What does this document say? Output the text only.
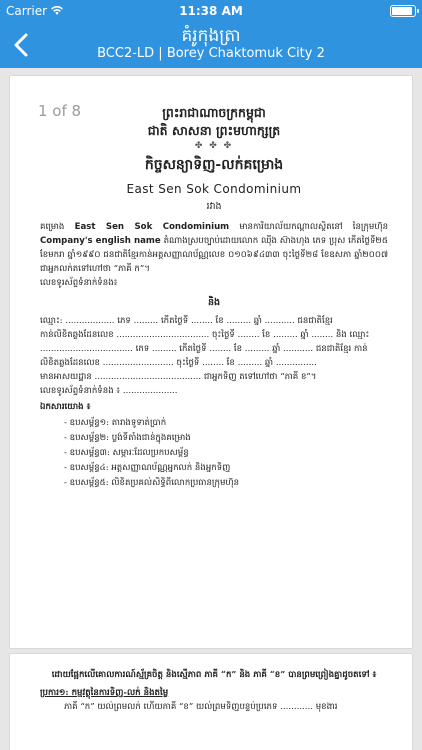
Carrier	11:38 AM
គំរូកុងត្រា
BCC2-LD | Borey Chaktomuk City 2
1 of 8	ព្រះរាជាណាចក្រកម្ពុជា
ជាតិ សាសនា ព្រះមហាក្សត្រ
✤ ✤ ✤
កិច្ចសន្យាទិញ-លក់គម្រោង
East Sen Sok Condominium
រវាង

គម្រោង East Sen Sok Condominium មានការិយាល័យកណ្ដាលស្ថិតនៅ នៃក្រុមហ៊ុន Company's english name តំណាងស្របច្បាប់ដោយលោក ឈ៉ីង ស៊ាងហុង ភេទ ប្រុស កើតថ្ងៃទី២៥ ខែមករា ឆ្នាំ១៩៩០ ជនជាតិខ្មែរកាន់អត្តសញ្ញាណប័ណ្ណលេខ ០១០៦៩៤៣៣ ចុះថ្ងៃទី២៨ ខែឧសភា ឆ្នាំ២០០៧ ជាអ្នកលក់តទៅហៅថា “ភាគី ក”។

លេខទូរស័ព្ទទំនាក់ទំនង៖
និង
ឈ្មោះ: .................. ភេទ ......... កើតថ្ងៃទី ........ ខែ ......... ឆ្នាំ ........... ជនជាតិខ្មែរ
កាន់លិខិតឆ្លងដែនលេខ .................................. ចុះថ្ងៃទី ........ ខែ ......... ឆ្នាំ ........ និង ឈ្មោះ
.................................. ភេទ ......... កើតថ្ងៃទី ........ ខែ ......... ឆ្នាំ ........... ជនជាតិខ្មែរ កាន់
លិខិតឆ្លងដែនលេខ .......................... ចុះថ្ងៃទី ........ ខែ ......... ឆ្នាំ ...............
មានអាសយដ្ឋាន ....................................... ជាអ្នកទិញ តទៅហៅថា “ភាគី ខ”។
លេខទូរស័ព្ទទំនាក់ទំនង ៖ ....................
ឯកសារយោង ៖
- ឧបសម្ព័ន្ធ១: តារាងទូទាត់ប្រាក់
- ឧបសម្ព័ន្ធ២: ប្លង់ទីតាំងជាន់ក្នុងគម្រោង
- ឧបសម្ព័ន្ធ៣: សម្ភារៈដែលប្រកបសម្ព័ន្ធ
- ឧបសម្ព័ន្ធ៤: អត្តសញ្ញាណប័ណ្ណអ្នកលក់ និងអ្នកទិញ
- ឧបសម្ព័ន្ធ៥: លិខិតប្រគល់សិទ្ធិពីលោកប្រធានក្រុមហ៊ុន
ដោយផ្អែកលើគោលការណ៍ស្ម័គ្រចិត្ត និងស្មើភាព ភាគី “ក” និង ភាគី “ខ” បានព្រមព្រៀងគ្នាដូចតទៅ ៖
ប្រការ១: កម្មវត្ថុនៃការទិញ-លក់ និងតម្លៃ
ភាគី “ក” យល់ព្រមលក់ ហើយភាគី “ខ” យល់ព្រមទិញបន្ទប់ប្រភេទ ............ មុខងារ
